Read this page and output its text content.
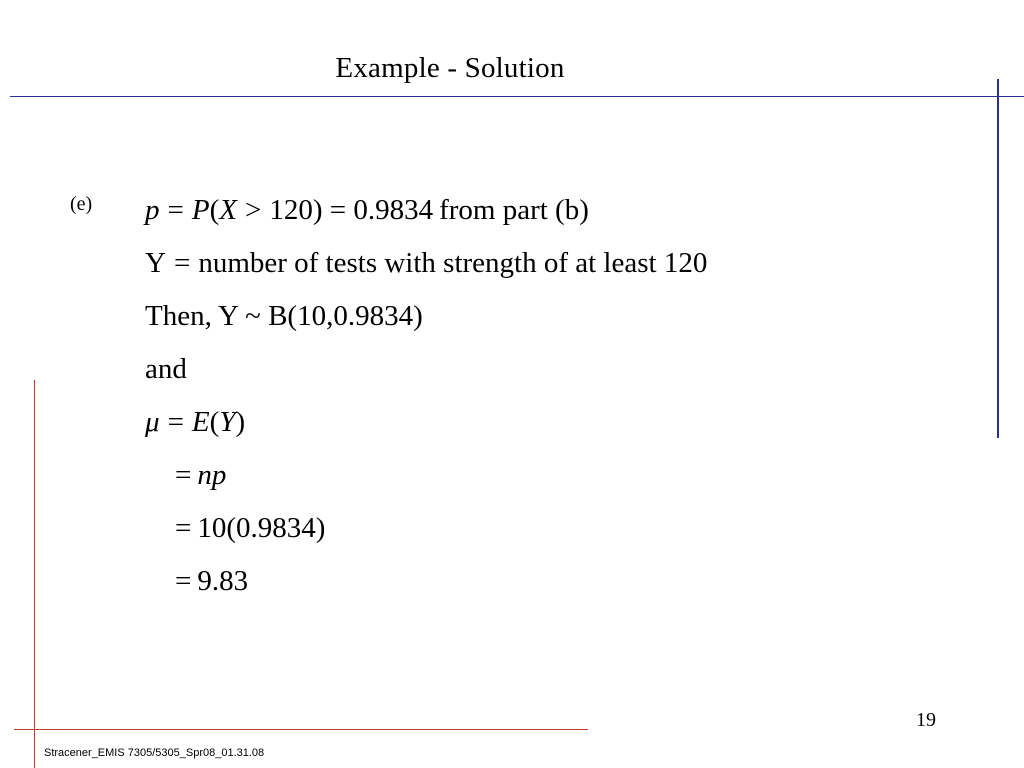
Example - Solution
(e) p = P(X > 120) = 0.9834 from part (b)
Y = number of tests with strength of at least 120
Then, Y ~ B(10,0.9834)
and
μ = E(Y)
= np
= 10(0.9834)
= 9.83
19
Stracener_EMIS 7305/5305_Spr08_01.31.08
